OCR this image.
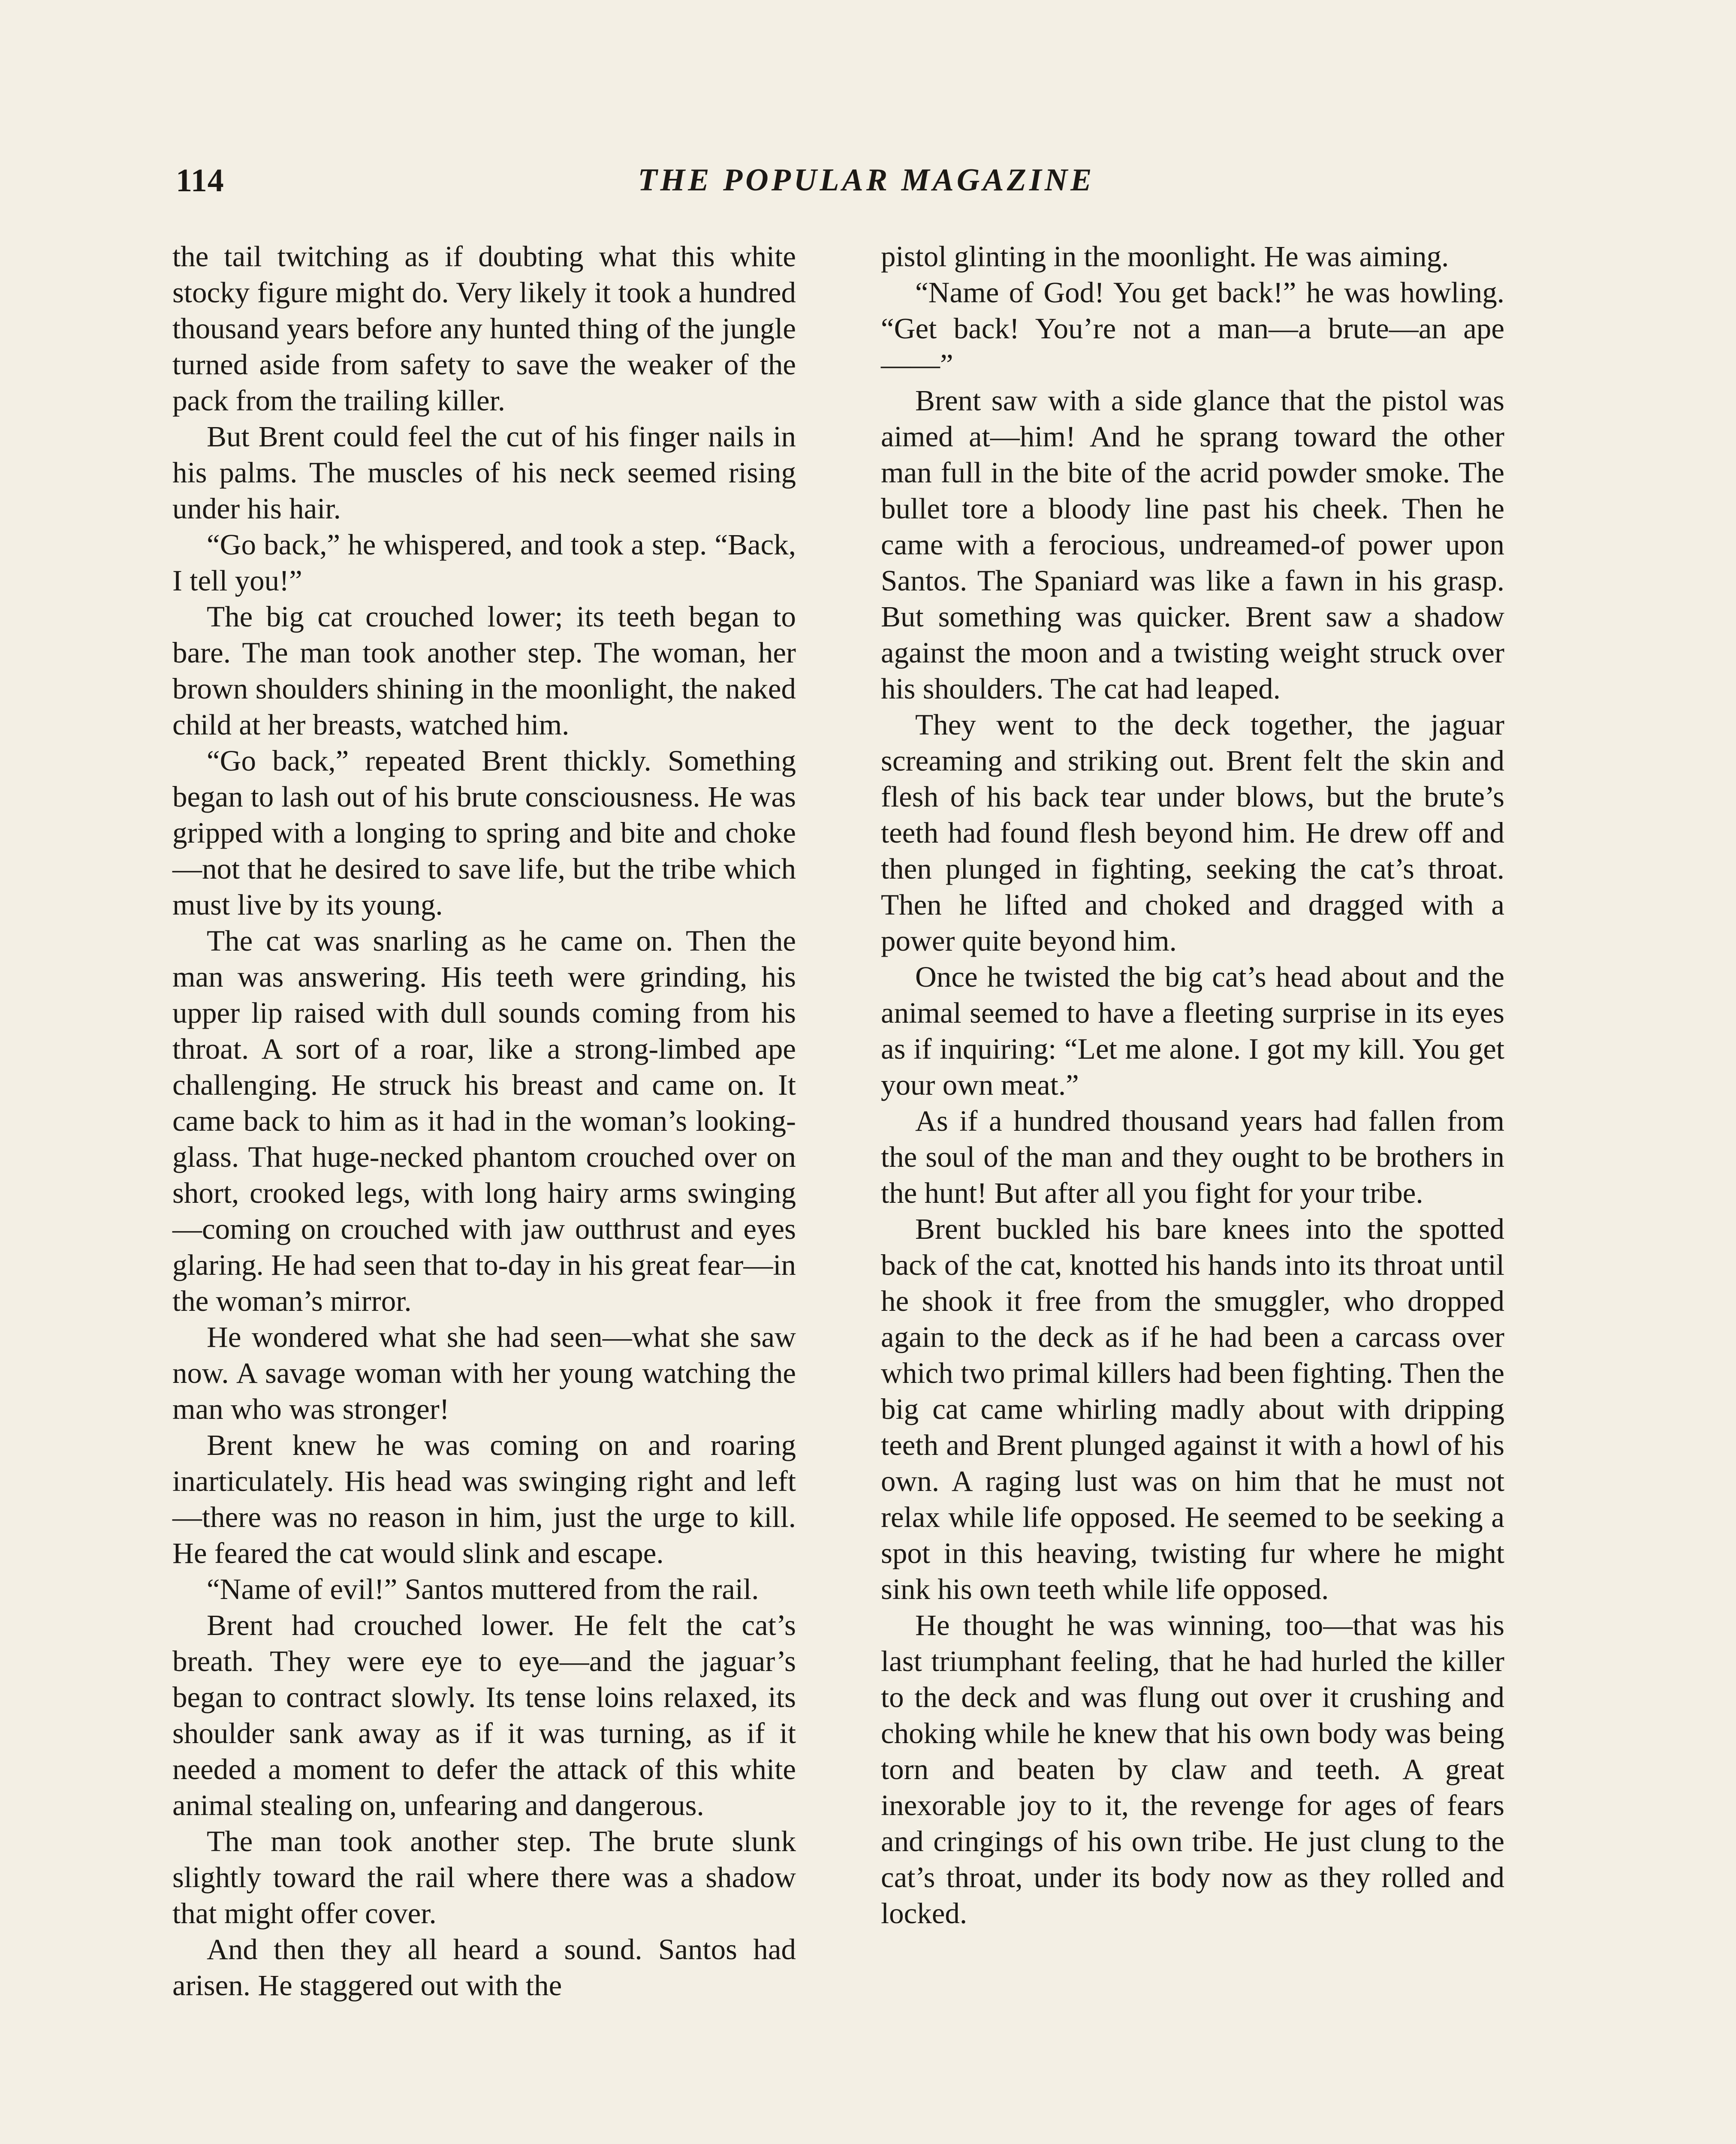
114	THE POPULAR MAGAZINE

the tail twitching as if doubting what this white stocky figure might do. Very likely it took a hundred thousand years before any hunted thing of the jungle turned aside from safety to save the weaker of the pack from the trailing killer.

But Brent could feel the cut of his finger nails in his palms. The muscles of his neck seemed rising under his hair.

“Go back,” he whispered, and took a step. “Back, I tell you!”

The big cat crouched lower; its teeth began to bare. The man took another step. The woman, her brown shoulders shining in the moonlight, the naked child at her breasts, watched him.

“Go back,” repeated Brent thickly. Something began to lash out of his brute consciousness. He was gripped with a longing to spring and bite and choke—not that he desired to save life, but the tribe which must live by its young.

The cat was snarling as he came on. Then the man was answering. His teeth were grinding, his upper lip raised with dull sounds coming from his throat. A sort of a roar, like a strong-limbed ape challenging. He struck his breast and came on. It came back to him as it had in the woman’s looking-glass. That huge-necked phantom crouched over on short, crooked legs, with long hairy arms swinging—coming on crouched with jaw outthrust and eyes glaring. He had seen that to-day in his great fear—in the woman’s mirror.

He wondered what she had seen—what she saw now. A savage woman with her young watching the man who was stronger!

Brent knew he was coming on and roaring inarticulately. His head was swinging right and left—there was no reason in him, just the urge to kill. He feared the cat would slink and escape.

“Name of evil!” Santos muttered from the rail.

Brent had crouched lower. He felt the cat’s breath. They were eye to eye—and the jaguar’s began to contract slowly. Its tense loins relaxed, its shoulder sank away as if it was turning, as if it needed a moment to defer the attack of this white animal stealing on, unfearing and dangerous.

The man took another step. The brute slunk slightly toward the rail where there was a shadow that might offer cover.

And then they all heard a sound. Santos had arisen. He staggered out with the

pistol glinting in the moonlight. He was aiming.

“Name of God! You get back!” he was howling. “Get back! You’re not a man—a brute—an ape——”

Brent saw with a side glance that the pistol was aimed at—him! And he sprang toward the other man full in the bite of the acrid powder smoke. The bullet tore a bloody line past his cheek. Then he came with a ferocious, undreamed-of power upon Santos. The Spaniard was like a fawn in his grasp. But something was quicker. Brent saw a shadow against the moon and a twisting weight struck over his shoulders. The cat had leaped.

They went to the deck together, the jaguar screaming and striking out. Brent felt the skin and flesh of his back tear under blows, but the brute’s teeth had found flesh beyond him. He drew off and then plunged in fighting, seeking the cat’s throat. Then he lifted and choked and dragged with a power quite beyond him.

Once he twisted the big cat’s head about and the animal seemed to have a fleeting surprise in its eyes as if inquiring: “Let me alone. I got my kill. You get your own meat.”

As if a hundred thousand years had fallen from the soul of the man and they ought to be brothers in the hunt! But after all you fight for your tribe.

Brent buckled his bare knees into the spotted back of the cat, knotted his hands into its throat until he shook it free from the smuggler, who dropped again to the deck as if he had been a carcass over which two primal killers had been fighting. Then the big cat came whirling madly about with dripping teeth and Brent plunged against it with a howl of his own. A raging lust was on him that he must not relax while life opposed. He seemed to be seeking a spot in this heaving, twisting fur where he might sink his own teeth while life opposed.

He thought he was winning, too—that was his last triumphant feeling, that he had hurled the killer to the deck and was flung out over it crushing and choking while he knew that his own body was being torn and beaten by claw and teeth. A great inexorable joy to it, the revenge for ages of fears and cringings of his own tribe. He just clung to the cat’s throat, under its body now as they rolled and locked.
